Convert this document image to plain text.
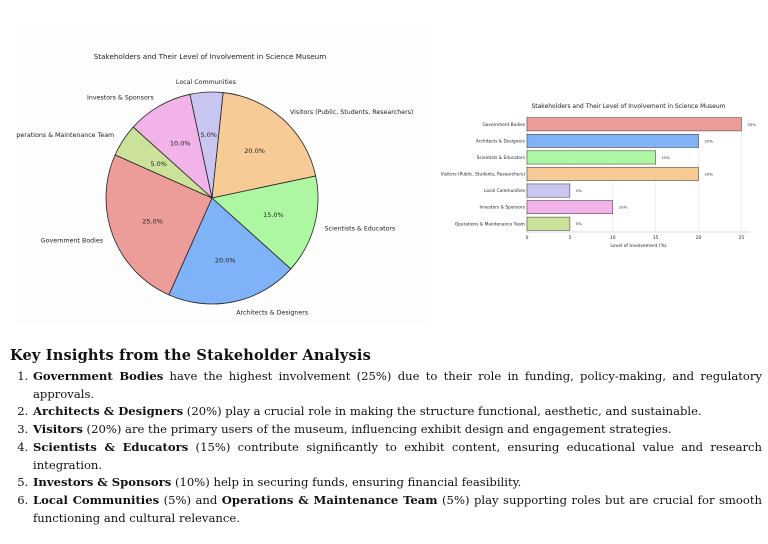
Stakeholders and Their Level of Involvement in Science Museum
20.0%
Visitors (Public, Students, Researchers)
15.0%
Scientists & Educators
20.0%
Architects & Designers
25.0%
Government Bodies
5.0%
Operations & Maintenance Team
10.0%
Investors & Sponsors
5.0%
Local Communities
Stakeholders and Their Level of Involvement in Science Museum
0	5	10	15	20	25
Government Bodies	25%
Architects & Designers	20%
Scientists & Educators	15%
Visitors (Public, Students, Researchers)	20%
Local Communities	5%
Investors & Sponsors	10%
Operations & Maintenance Team	5%
Level of Involvement (%)
Key Insights from the Stakeholder Analysis
1. Government Bodies have the highest involvement (25%) due to their role in funding, policy-making, and regulatory approvals.
2. Architects & Designers (20%) play a crucial role in making the structure functional, aesthetic, and sustainable.
3. Visitors (20%) are the primary users of the museum, influencing exhibit design and engagement strategies.
4. Scientists & Educators (15%) contribute significantly to exhibit content, ensuring educational value and research integration.
5. Investors & Sponsors (10%) help in securing funds, ensuring financial feasibility.
6. Local Communities (5%) and Operations & Maintenance Team (5%) play supporting roles but are crucial for smooth functioning and cultural relevance.
